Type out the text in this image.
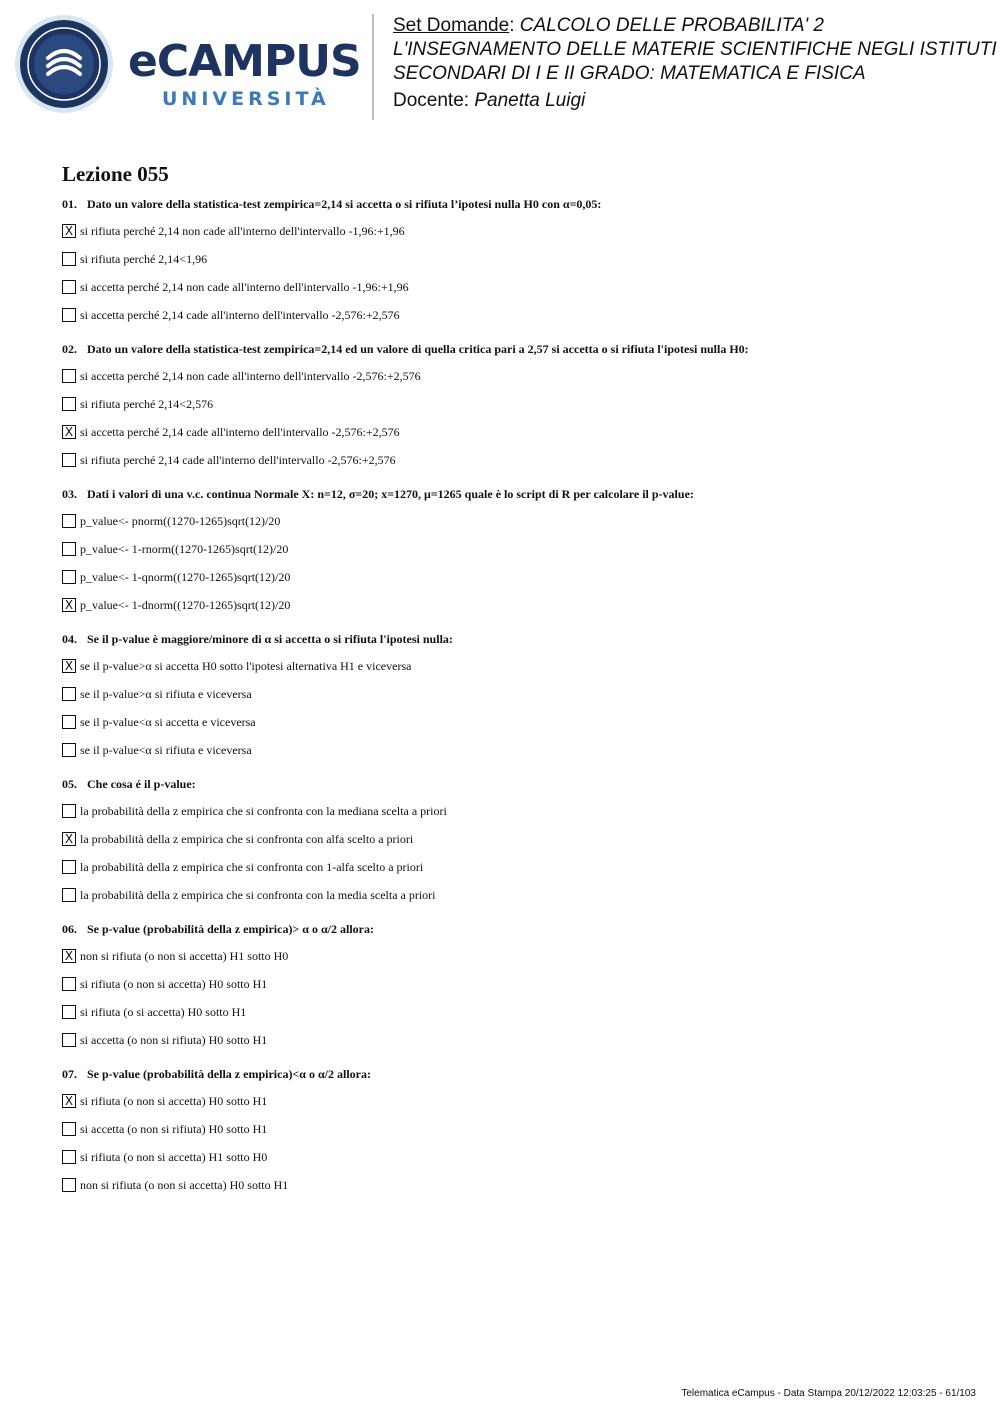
eCAMPUS
UNIVERSITÀ
Set Domande: CALCOLO DELLE PROBABILITA' 2
L'INSEGNAMENTO DELLE MATERIE SCIENTIFICHE NEGLI ISTITUTI
SECONDARI DI I E II GRADO: MATEMATICA E FISICA
Docente: Panetta Luigi
Lezione 055
01. Dato un valore della statistica-test zempirica=2,14 si accetta o si rifiuta l’ipotesi nulla H0 con α=0,05:
X si rifiuta perché 2,14 non cade all'interno dell'intervallo -1,96:+1,96
si rifiuta perché 2,14<1,96
si accetta perché 2,14 non cade all'interno dell'intervallo -1,96:+1,96
si accetta perché 2,14 cade all'interno dell'intervallo -2,576:+2,576
02. Dato un valore della statistica-test zempirica=2,14 ed un valore di quella critica pari a 2,57 si accetta o si rifiuta l'ipotesi nulla H0:
si accetta perché 2,14 non cade all'interno dell'intervallo -2,576:+2,576
si rifiuta perché 2,14<2,576
X si accetta perché 2,14 cade all'interno dell'intervallo -2,576:+2,576
si rifiuta perché 2,14 cade all'interno dell'intervallo -2,576:+2,576
03. Dati i valori di una v.c. continua Normale X: n=12, σ=20; x=1270, μ=1265 quale è lo script di R per calcolare il p-value:
p_value<- pnorm((1270-1265)sqrt(12)/20
p_value<- 1-rnorm((1270-1265)sqrt(12)/20
p_value<- 1-qnorm((1270-1265)sqrt(12)/20
X p_value<- 1-dnorm((1270-1265)sqrt(12)/20
04. Se il p-value è maggiore/minore di α si accetta o si rifiuta l'ipotesi nulla:
X se il p-value>α si accetta H0 sotto l'ipotesi alternativa H1 e viceversa
se il p-value>α si rifiuta e viceversa
se il p-value<α si accetta e viceversa
se il p-value<α si rifiuta e viceversa
05. Che cosa é il p-value:
la probabilità della z empirica che si confronta con la mediana scelta a priori
X la probabilità della z empirica che si confronta con alfa scelto a priori
la probabilità della z empirica che si confronta con 1-alfa scelto a priori
la probabilità della z empirica che si confronta con la media scelta a priori
06. Se p-value (probabilità della z empirica)> α o α/2 allora:
X non si rifiuta (o non si accetta) H1 sotto H0
si rifiuta (o non si accetta) H0 sotto H1
si rifiuta (o si accetta) H0 sotto H1
si accetta (o non si rifiuta) H0 sotto H1
07. Se p-value (probabilità della z empirica)<α o α/2 allora:
X si rifiuta (o non si accetta) H0 sotto H1
si accetta (o non si rifiuta) H0 sotto H1
si rifiuta (o non si accetta) H1 sotto H0
non si rifiuta (o non si accetta) H0 sotto H1
Telematica eCampus - Data Stampa 20/12/2022 12:03:25 - 61/103
